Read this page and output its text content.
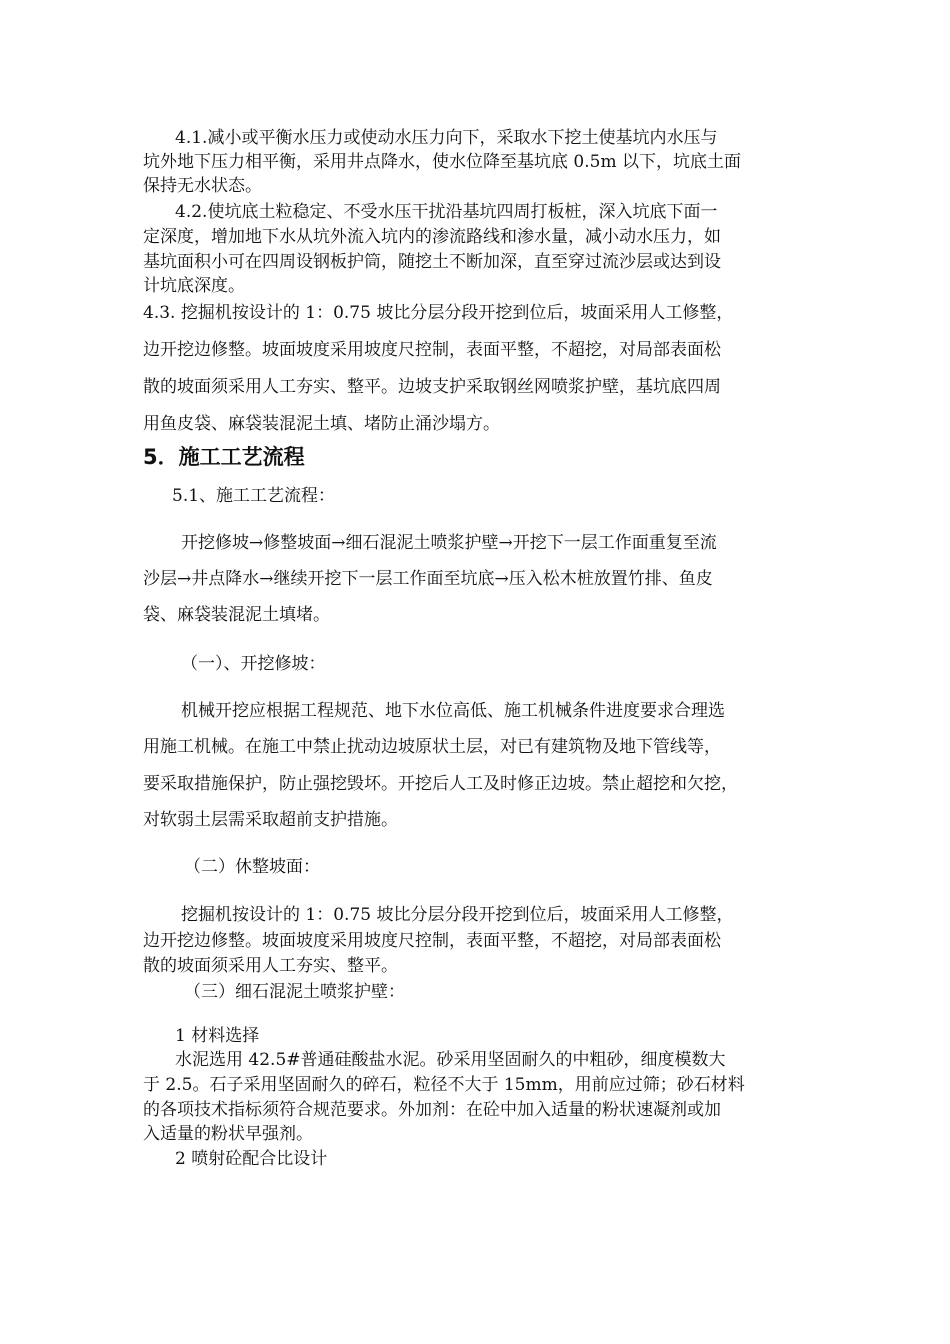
4.1.减小或平衡水压力或使动水压力向下，采取水下挖土使基坑内水压与

坑外地下压力相平衡，采用井点降水，使水位降至基坑底 0.5m 以下，坑底土面

保持无水状态。

4.2.使坑底土粒稳定、不受水压干扰沿基坑四周打板桩，深入坑底下面一

定深度，增加地下水从坑外流入坑内的渗流路线和渗水量，减小动水压力，如

基坑面积小可在四周设钢板护筒，随挖土不断加深，直至穿过流沙层或达到设

计坑底深度。

4.3. 挖掘机按设计的 1：0.75 坡比分层分段开挖到位后，坡面采用人工修整，

边开挖边修整。坡面坡度采用坡度尺控制，表面平整，不超挖，对局部表面松

散的坡面须采用人工夯实、整平。边坡支护采取钢丝网喷浆护壁，基坑底四周

用鱼皮袋、麻袋装混泥土填、堵防止涌沙塌方。

5．施工工艺流程

5.1、施工工艺流程：

开挖修坡→修整坡面→细石混泥土喷浆护壁→开挖下一层工作面重复至流

沙层→井点降水→继续开挖下一层工作面至坑底→压入松木桩放置竹排、鱼皮

袋、麻袋装混泥土填堵。

（一）、开挖修坡：

机械开挖应根据工程规范、地下水位高低、施工机械条件进度要求合理选

用施工机械。在施工中禁止扰动边坡原状土层，对已有建筑物及地下管线等，

要采取措施保护，防止强挖毁坏。开挖后人工及时修正边坡。禁止超挖和欠挖，

对软弱土层需采取超前支护措施。

（二）休整坡面：

挖掘机按设计的 1：0.75 坡比分层分段开挖到位后，坡面采用人工修整，

边开挖边修整。坡面坡度采用坡度尺控制，表面平整，不超挖，对局部表面松

散的坡面须采用人工夯实、整平。

（三）细石混泥土喷浆护壁：

1 材料选择

水泥选用 42.5#普通硅酸盐水泥。砂采用坚固耐久的中粗砂，细度模数大

于 2.5。石子采用坚固耐久的碎石，粒径不大于 15mm，用前应过筛；砂石材料

的各项技术指标须符合规范要求。外加剂：在砼中加入适量的粉状速凝剂或加

入适量的粉状早强剂。

2 喷射砼配合比设计
